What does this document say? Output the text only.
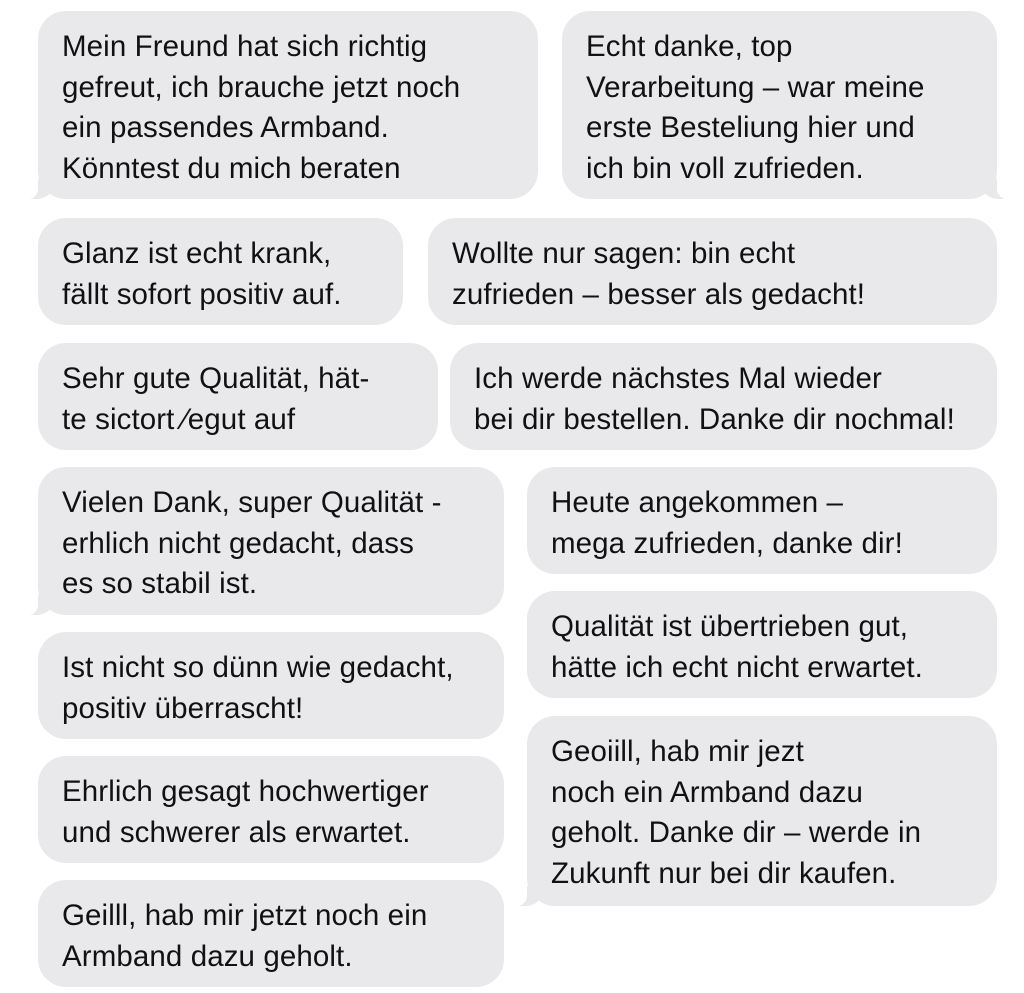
Mein Freund hat sich richtig
gefreut, ich brauche jetzt noch
ein passendes Armband.
Könntest du mich beraten
Echt danke, top
Verarbeitung – war meine
erste Besteliung hier und
ich bin voll zufrieden.
Glanz ist echt krank,
fällt sofort positiv auf.
Wollte nur sagen: bin echt
zufrieden – besser als gedacht!
Sehr gute Qualität, hät-
te sictort ⁄egut auf
Ich werde nächstes Mal wieder
bei dir bestellen. Danke dir nochmal!
Vielen Dank, super Qualität -
erhlich nicht gedacht, dass
es so stabil ist.
Heute angekommen –
mega zufrieden, danke dir!
Qualität ist übertrieben gut,
hätte ich echt nicht erwartet.
Ist nicht so dünn wie gedacht,
positiv überrascht!
Geoiill, hab mir jezt
noch ein Armband dazu
geholt. Danke dir – werde in
Zukunft nur bei dir kaufen.
Ehrlich gesagt hochwertiger
und schwerer als erwartet.
Geilll, hab mir jetzt noch ein
Armband dazu geholt.
